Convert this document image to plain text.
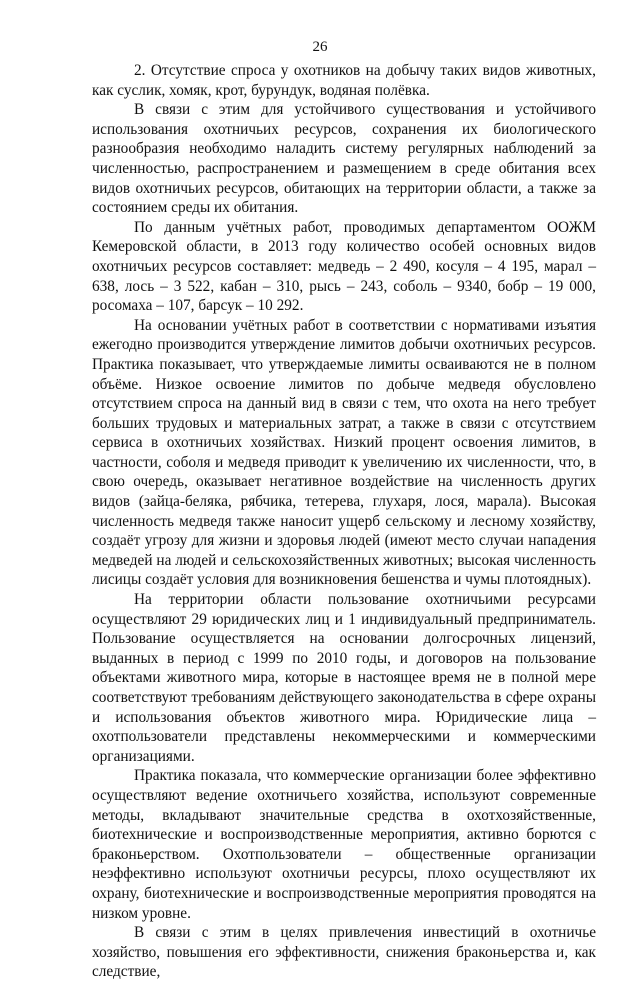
26

2. Отсутствие спроса у охотников на добычу таких видов животных, как суслик, хомяк, крот, бурундук, водяная полёвка.

В связи с этим для устойчивого существования и устойчивого использования охотничьих ресурсов, сохранения их биологического разнообразия необходимо наладить систему регулярных наблюдений за численностью, распространением и размещением в среде обитания всех видов охотничьих ресурсов, обитающих на территории области, а также за состоянием среды их обитания.

По данным учётных работ, проводимых департаментом ООЖМ Кемеровской области, в 2013 году количество особей основных видов охотничьих ресурсов составляет: медведь – 2 490, косуля – 4 195, марал – 638, лось – 3 522, кабан – 310, рысь – 243, соболь – 9340, бобр – 19 000, росомаха – 107, барсук – 10 292.

На основании учётных работ в соответствии с нормативами изъятия ежегодно производится утверждение лимитов добычи охотничьих ресурсов. Практика показывает, что утверждаемые лимиты осваиваются не в полном объёме. Низкое освоение лимитов по добыче медведя обусловлено отсутствием спроса на данный вид в связи с тем, что охота на него требует больших трудовых и материальных затрат, а также в связи с отсутствием сервиса в охотничьих хозяйствах. Низкий процент освоения лимитов, в частности, соболя и медведя приводит к увеличению их численности, что, в свою очередь, оказывает негативное воздействие на численность других видов (зайца-беляка, рябчика, тетерева, глухаря, лося, марала). Высокая численность медведя также наносит ущерб сельскому и лесному хозяйству, создаёт угрозу для жизни и здоровья людей (имеют место случаи нападения медведей на людей и сельскохозяйственных животных; высокая численность лисицы создаёт условия для возникновения бешенства и чумы плотоядных).

На территории области пользование охотничьими ресурсами осуществляют 29 юридических лиц и 1 индивидуальный предприниматель. Пользование осуществляется на основании долгосрочных лицензий, выданных в период с 1999 по 2010 годы, и договоров на пользование объектами животного мира, которые в настоящее время не в полной мере соответствуют требованиям действующего законодательства в сфере охраны и использования объектов животного мира. Юридические лица – охотпользователи представлены некоммерческими и коммерческими организациями.

Практика показала, что коммерческие организации более эффективно осуществляют ведение охотничьего хозяйства, используют современные методы, вкладывают значительные средства в охотхозяйственные, биотехнические и воспроизводственные мероприятия, активно борются с браконьерством. Охотпользователи – общественные организации неэффективно используют охотничьи ресурсы, плохо осуществляют их охрану, биотехнические и воспроизводственные мероприятия проводятся на низком уровне.

В связи с этим в целях привлечения инвестиций в охотничье хозяйство, повышения его эффективности, снижения браконьерства и, как следствие,
